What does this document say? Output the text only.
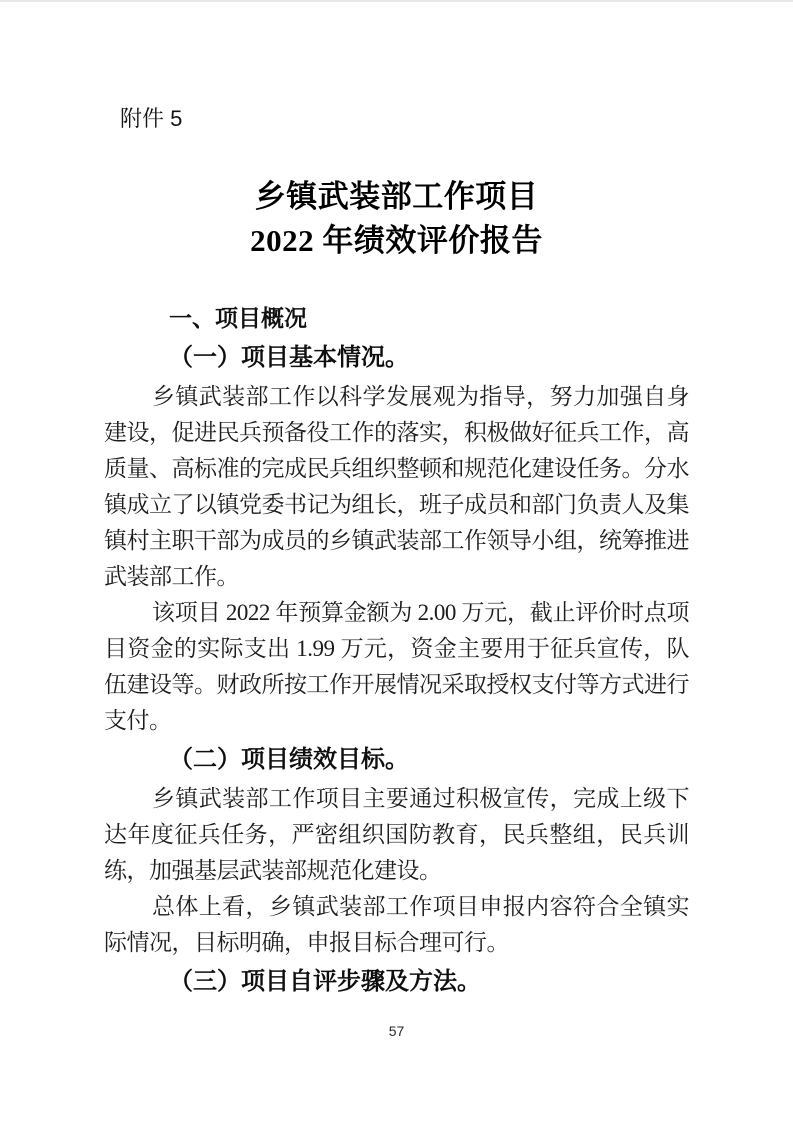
附件 5
乡镇武装部工作项目
2022 年绩效评价报告
一、项目概况
（一）项目基本情况。

乡镇武装部工作以科学发展观为指导，努力加强自身建设，促进民兵预备役工作的落实，积极做好征兵工作，高质量、高标准的完成民兵组织整顿和规范化建设任务。分水镇成立了以镇党委书记为组长，班子成员和部门负责人及集镇村主职干部为成员的乡镇武装部工作领导小组，统筹推进武装部工作。

该项目 2022 年预算金额为 2.00 万元，截止评价时点项目资金的实际支出 1.99 万元，资金主要用于征兵宣传，队伍建设等。财政所按工作开展情况采取授权支付等方式进行支付。

（二）项目绩效目标。

乡镇武装部工作项目主要通过积极宣传，完成上级下达年度征兵任务，严密组织国防教育，民兵整组，民兵训练，加强基层武装部规范化建设。

总体上看，乡镇武装部工作项目申报内容符合全镇实际情况，目标明确，申报目标合理可行。

（三）项目自评步骤及方法。
57
